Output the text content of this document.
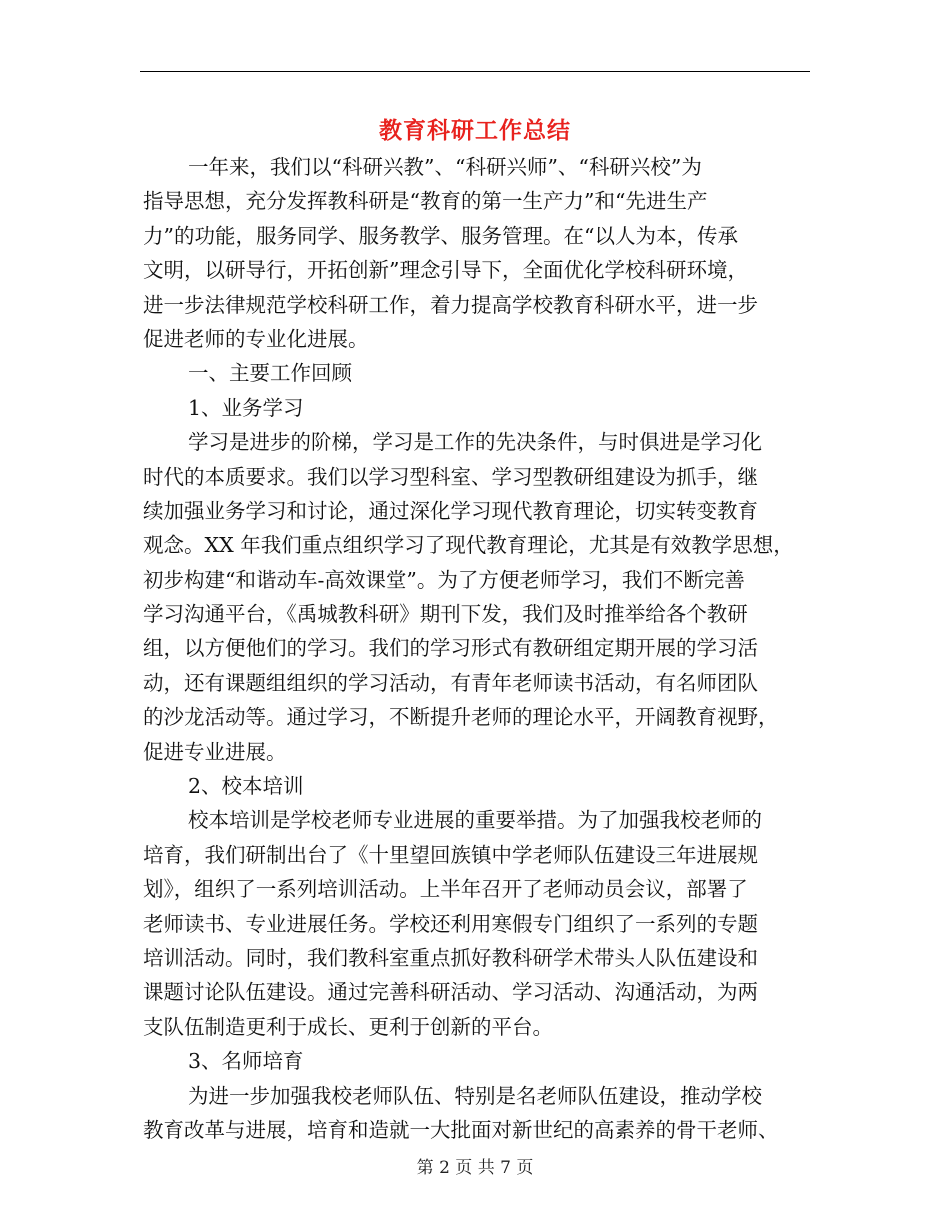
教育科研工作总结
一年来，我们以“科研兴教”、“科研兴师”、“科研兴校”为
指导思想，充分发挥教科研是“教育的第一生产力”和“先进生产
力”的功能，服务同学、服务教学、服务管理。在“以人为本，传承
文明，以研导行，开拓创新”理念引导下，全面优化学校科研环境，
进一步法律规范学校科研工作，着力提高学校教育科研水平，进一步
促进老师的专业化进展。
一、主要工作回顾
1、业务学习
学习是进步的阶梯，学习是工作的先决条件，与时俱进是学习化
时代的本质要求。我们以学习型科室、学习型教研组建设为抓手，继
续加强业务学习和讨论，通过深化学习现代教育理论，切实转变教育
观念。XX 年我们重点组织学习了现代教育理论，尤其是有效教学思想，
初步构建“和谐动车-高效课堂”。为了方便老师学习，我们不断完善
学习沟通平台，《禹城教科研》期刊下发，我们及时推举给各个教研
组，以方便他们的学习。我们的学习形式有教研组定期开展的学习活
动，还有课题组组织的学习活动，有青年老师读书活动，有名师团队
的沙龙活动等。通过学习，不断提升老师的理论水平，开阔教育视野，
促进专业进展。
2、校本培训
校本培训是学校老师专业进展的重要举措。为了加强我校老师的
培育，我们研制出台了《十里望回族镇中学老师队伍建设三年进展规
划》，组织了一系列培训活动。上半年召开了老师动员会议，部署了
老师读书、专业进展任务。学校还利用寒假专门组织了一系列的专题
培训活动。同时，我们教科室重点抓好教科研学术带头人队伍建设和
课题讨论队伍建设。通过完善科研活动、学习活动、沟通活动，为两
支队伍制造更利于成长、更利于创新的平台。
3、名师培育
为进一步加强我校老师队伍、特别是名老师队伍建设，推动学校
教育改革与进展，培育和造就一大批面对新世纪的高素养的骨干老师、
第 2 页 共 7 页
